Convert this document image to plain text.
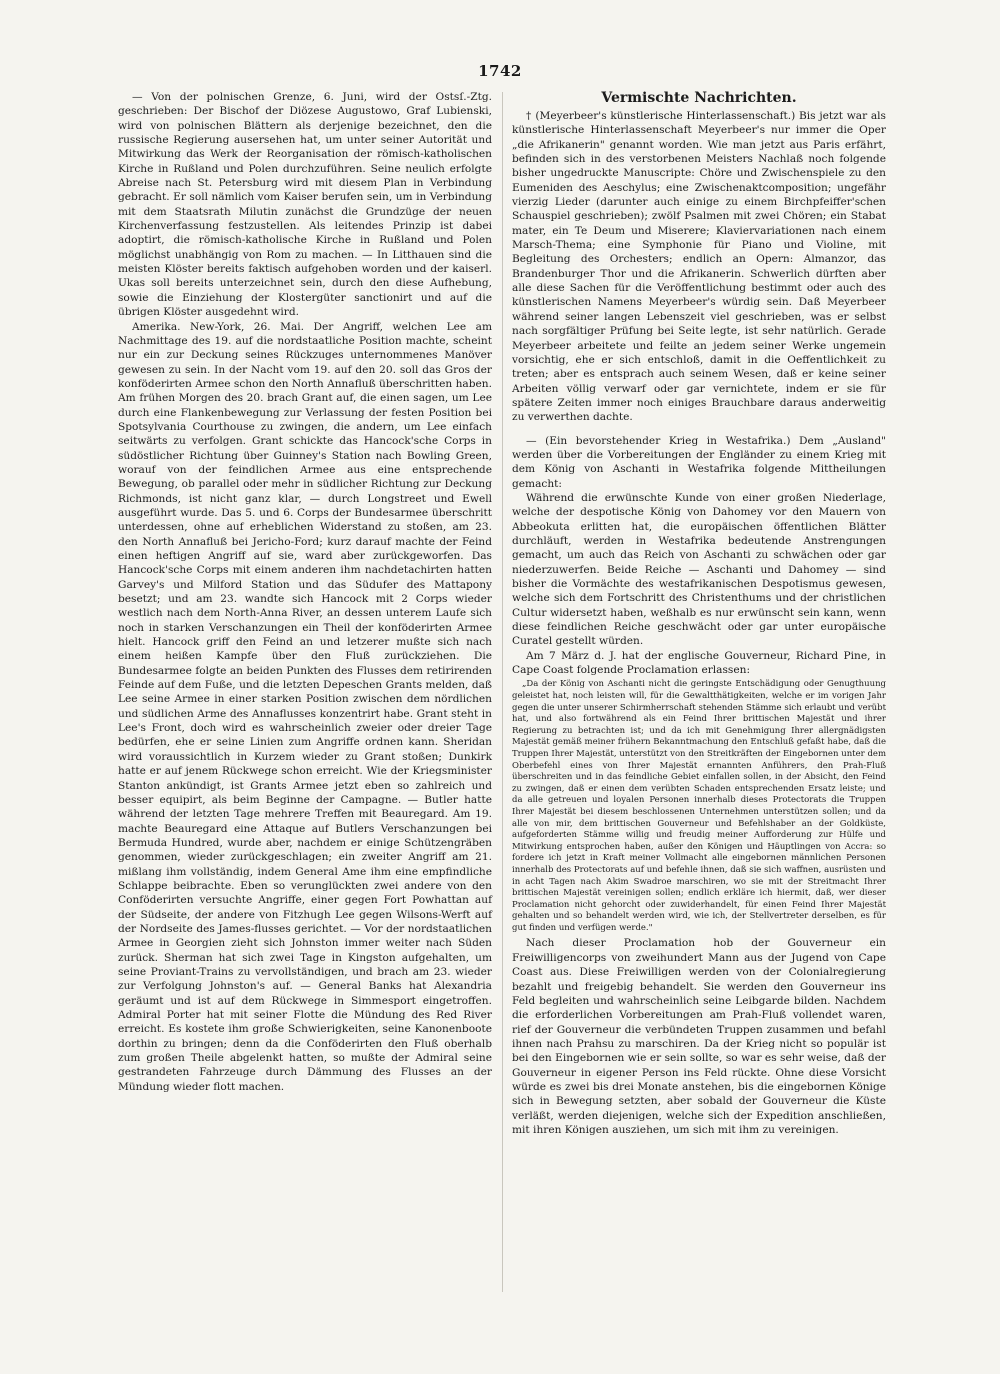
1742

— Von der polnischen Grenze, 6. Juni, wird der Ostsſ.-Ztg. geschrieben: Der Bischof der Diözese Augustowo, Graf Lubienski, wird von polnischen Blättern als derjenige bezeichnet, den die russische Regierung ausersehen hat, um unter seiner Autorität und Mitwirkung das Werk der Reorganisation der römisch-katholischen Kirche in Rußland und Polen durchzuführen. Seine neulich erfolgte Abreise nach St. Petersburg wird mit diesem Plan in Verbindung gebracht. Er soll nämlich vom Kaiser berufen sein, um in Verbindung mit dem Staatsrath Milutin zunächst die Grundzüge der neuen Kirchenverfassung festzustellen. Als leitendes Prinzip ist dabei adoptirt, die römisch-katholische Kirche in Rußland und Polen möglichst unabhängig von Rom zu machen. — In Litthauen sind die meisten Klöster bereits faktisch aufgehoben worden und der kaiserl. Ukas soll bereits unterzeichnet sein, durch den diese Aufhebung, sowie die Einziehung der Klostergüter sanctionirt und auf die übrigen Klöster ausgedehnt wird.

Amerika. New-York, 26. Mai. Der Angriff, welchen Lee am Nachmittage des 19. auf die nordstaatliche Position machte, scheint nur ein zur Deckung seines Rückzuges unternommenes Manöver gewesen zu sein. In der Nacht vom 19. auf den 20. soll das Gros der konföderirten Armee schon den North Annafluß überschritten haben. Am frühen Morgen des 20. brach Grant auf, die einen sagen, um Lee durch eine Flankenbewegung zur Verlassung der festen Position bei Spotsylvania Courthouse zu zwingen, die andern, um Lee einfach seitwärts zu verfolgen. Grant schickte das Hancock'sche Corps in südöstlicher Richtung über Guinney's Station nach Bowling Green, worauf von der feindlichen Armee aus eine entsprechende Bewegung, ob parallel oder mehr in südlicher Richtung zur Deckung Richmonds, ist nicht ganz klar, — durch Longstreet und Ewell ausgeführt wurde. Das 5. und 6. Corps der Bundesarmee überschritt unterdessen, ohne auf erheblichen Widerstand zu stoßen, am 23. den North Annafluß bei Jericho-Ford; kurz darauf machte der Feind einen heftigen Angriff auf sie, ward aber zurückgeworfen. Das Hancock'sche Corps mit einem anderen ihm nachdetachirten hatten Garvey's und Milford Station und das Südufer des Mattapony besetzt; und am 23. wandte sich Hancock mit 2 Corps wieder westlich nach dem North-Anna River, an dessen unterem Laufe sich noch in starken Verschanzungen ein Theil der konföderirten Armee hielt. Hancock griff den Feind an und letzerer mußte sich nach einem heißen Kampfe über den Fluß zurückziehen. Die Bundesarmee folgte an beiden Punkten des Flusses dem retirirenden Feinde auf dem Fuße, und die letzten Depeschen Grants melden, daß Lee seine Armee in einer starken Position zwischen dem nördlichen und südlichen Arme des Annaflusses konzentrirt habe. Grant steht in Lee's Front, doch wird es wahrscheinlich zweier oder dreier Tage bedürfen, ehe er seine Linien zum Angriffe ordnen kann. Sheridan wird voraussichtlich in Kurzem wieder zu Grant stoßen; Dunkirk hatte er auf jenem Rückwege schon erreicht. Wie der Kriegsminister Stanton ankündigt, ist Grants Armee jetzt eben so zahlreich und besser equipirt, als beim Beginne der Campagne. — Butler hatte während der letzten Tage mehrere Treffen mit Beauregard. Am 19. machte Beauregard eine Attaque auf Butlers Verschanzungen bei Bermuda Hundred, wurde aber, nachdem er einige Schützengräben genommen, wieder zurückgeschlagen; ein zweiter Angriff am 21. mißlang ihm vollständig, indem General Ame ihm eine empfindliche Schlappe beibrachte. Eben so verunglückten zwei andere von den Conföderirten versuchte Angriffe, einer gegen Fort Powhattan auf der Südseite, der andere von Fitzhugh Lee gegen Wilsons-Werft auf der Nordseite des James-flusses gerichtet. — Vor der nordstaatlichen Armee in Georgien zieht sich Johnston immer weiter nach Süden zurück. Sherman hat sich zwei Tage in Kingston aufgehalten, um seine Proviant-Trains zu vervollständigen, und brach am 23. wieder zur Verfolgung Johnston's auf. — General Banks hat Alexandria geräumt und ist auf dem Rückwege in Simmesport eingetroffen. Admiral Porter hat mit seiner Flotte die Mündung des Red River erreicht. Es kostete ihm große Schwierigkeiten, seine Kanonenboote dorthin zu bringen; denn da die Conföderirten den Fluß oberhalb zum großen Theile abgelenkt hatten, so mußte der Admiral seine gestrandeten Fahrzeuge durch Dämmung des Flusses an der Mündung wieder flott machen.

Vermischte Nachrichten.

† (Meyerbeer's künstlerische Hinterlassenschaft.) Bis jetzt war als künstlerische Hinterlassenschaft Meyerbeer's nur immer die Oper „die Afrikanerin" genannt worden. Wie man jetzt aus Paris erfährt, befinden sich in des verstorbenen Meisters Nachlaß noch folgende bisher ungedruckte Manuscripte: Chöre und Zwischenspiele zu den Eumeniden des Aeschylus; eine Zwischenaktcomposition; ungefähr vierzig Lieder (darunter auch einige zu einem Birchpfeiffer'schen Schauspiel geschrieben); zwölf Psalmen mit zwei Chören; ein Stabat mater, ein Te Deum und Miserere; Klaviervariationen nach einem Marsch-Thema; eine Symphonie für Piano und Violine, mit Begleitung des Orchesters; endlich an Opern: Almanzor, das Brandenburger Thor und die Afrikanerin. Schwerlich dürften aber alle diese Sachen für die Veröffentlichung bestimmt oder auch des künstlerischen Namens Meyerbeer's würdig sein. Daß Meyerbeer während seiner langen Lebenszeit viel geschrieben, was er selbst nach sorgfältiger Prüfung bei Seite legte, ist sehr natürlich. Gerade Meyerbeer arbeitete und feilte an jedem seiner Werke ungemein vorsichtig, ehe er sich entschloß, damit in die Oeffentlichkeit zu treten; aber es entsprach auch seinem Wesen, daß er keine seiner Arbeiten völlig verwarf oder gar vernichtete, indem er sie für spätere Zeiten immer noch einiges Brauchbare daraus anderweitig zu verwerthen dachte.

— (Ein bevorstehender Krieg in Westafrika.) Dem „Ausland" werden über die Vorbereitungen der Engländer zu einem Krieg mit dem König von Aschanti in Westafrika folgende Mittheilungen gemacht:

Während die erwünschte Kunde von einer großen Niederlage, welche der despotische König von Dahomey vor den Mauern von Abbeokuta erlitten hat, die europäischen öffentlichen Blätter durchläuft, werden in Westafrika bedeutende Anstrengungen gemacht, um auch das Reich von Aschanti zu schwächen oder gar niederzuwerfen. Beide Reiche — Aschanti und Dahomey — sind bisher die Vormächte des westafrikanischen Despotismus gewesen, welche sich dem Fortschritt des Christenthums und der christlichen Cultur widersetzt haben, weßhalb es nur erwünscht sein kann, wenn diese feindlichen Reiche geschwächt oder gar unter europäische Curatel gestellt würden.

Am 7 März d. J. hat der englische Gouverneur, Richard Pine, in Cape Coast folgende Proclamation erlassen:

„Da der König von Aschanti nicht die geringste Entschädigung oder Genugthuung geleistet hat, noch leisten will, für die Gewaltthätigkeiten, welche er im vorigen Jahr gegen die unter unserer Schirmherrschaft stehenden Stämme sich erlaubt und verübt hat, und also fortwährend als ein Feind Ihrer brittischen Majestät und ihrer Regierung zu betrachten ist; und da ich mit Genehmigung Ihrer allergnädigsten Majestät gemäß meiner frühern Bekanntmachung den Entschluß gefaßt habe, daß die Truppen Ihrer Majestät, unterstützt von den Streitkräften der Eingebornen unter dem Oberbefehl eines von Ihrer Majestät ernannten Anführers, den Prah-Fluß überschreiten und in das feindliche Gebiet einfallen sollen, in der Absicht, den Feind zu zwingen, daß er einen dem verübten Schaden entsprechenden Ersatz leiste; und da alle getreuen und loyalen Personen innerhalb dieses Protectorats die Truppen Ihrer Majestät bei diesem beschlossenen Unternehmen unterstützen sollen; und da alle von mir, dem brittischen Gouverneur und Befehlshaber an der Goldküste, aufgeforderten Stämme willig und freudig meiner Aufforderung zur Hülfe und Mitwirkung entsprochen haben, außer den Königen und Häuptlingen von Accra: so fordere ich jetzt in Kraft meiner Vollmacht alle eingebornen männlichen Personen innerhalb des Protectorats auf und befehle ihnen, daß sie sich waffnen, ausrüsten und in acht Tagen nach Akim Swadroe marschiren, wo sie mit der Streitmacht Ihrer brittischen Majestät vereinigen sollen; endlich erkläre ich hiermit, daß, wer dieser Proclamation nicht gehorcht oder zuwiderhandelt, für einen Feind Ihrer Majestät gehalten und so behandelt werden wird, wie ich, der Stellvertreter derselben, es für gut finden und verfügen werde."

Nach dieser Proclamation hob der Gouverneur ein Freiwilligencorps von zweihundert Mann aus der Jugend von Cape Coast aus. Diese Freiwilligen werden von der Colonialregierung bezahlt und freigebig behandelt. Sie werden den Gouverneur ins Feld begleiten und wahrscheinlich seine Leibgarde bilden. Nachdem die erforderlichen Vorbereitungen am Prah-Fluß vollendet waren, rief der Gouverneur die verbündeten Truppen zusammen und befahl ihnen nach Prahsu zu marschiren. Da der Krieg nicht so populär ist bei den Eingebornen wie er sein sollte, so war es sehr weise, daß der Gouverneur in eigener Person ins Feld rückte. Ohne diese Vorsicht würde es zwei bis drei Monate anstehen, bis die eingebornen Könige sich in Bewegung setzten, aber sobald der Gouverneur die Küste verläßt, werden diejenigen, welche sich der Expedition anschließen, mit ihren Königen ausziehen, um sich mit ihm zu vereinigen.
